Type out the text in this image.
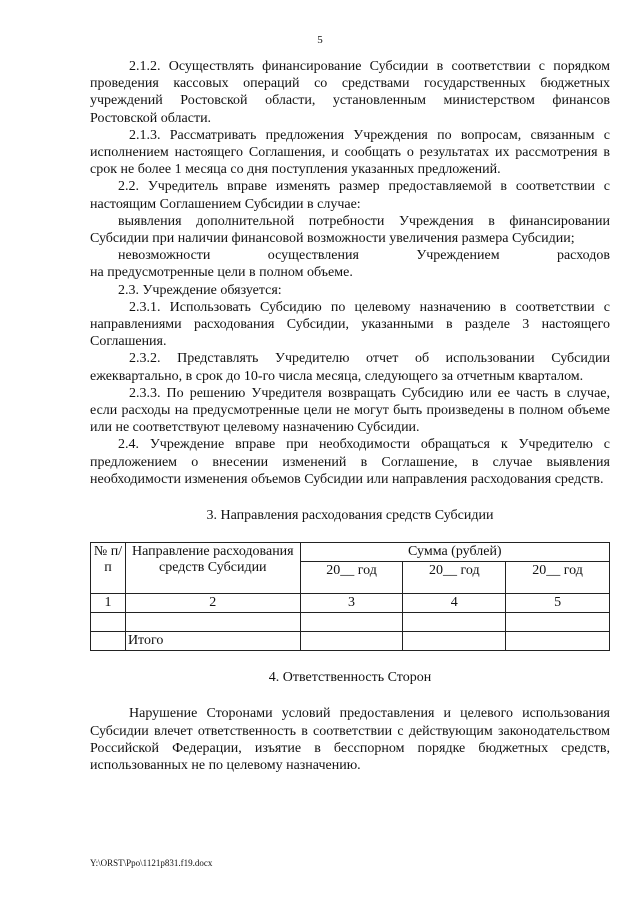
5

2.1.2. Осуществлять финансирование Субсидии в соответствии с порядком проведения кассовых операций со средствами государственных бюджетных учреждений Ростовской области, установленным министерством финансов Ростовской области.

2.1.3. Рассматривать предложения Учреждения по вопросам, связанным с исполнением настоящего Соглашения, и сообщать о результатах их рассмотрения в срок не более 1 месяца со дня поступления указанных предложений.

2.2. Учредитель вправе изменять размер предоставляемой в соответствии с настоящим Соглашением Субсидии в случае:

выявления дополнительной потребности Учреждения в финансировании Субсидии при наличии финансовой возможности увеличения размера Субсидии;

невозможности осуществления Учреждением расходов

на предусмотренные цели в полном объеме.

2.3. Учреждение обязуется:

2.3.1. Использовать Субсидию по целевому назначению в соответствии с направлениями расходования Субсидии, указанными в разделе 3 настоящего Соглашения.

2.3.2. Представлять Учредителю отчет об использовании Субсидии ежеквартально, в срок до 10-го числа месяца, следующего за отчетным кварталом.

2.3.3. По решению Учредителя возвращать Субсидию или ее часть в случае, если расходы на предусмотренные цели не могут быть произведены в полном объеме или не соответствуют целевому назначению Субсидии.

2.4. Учреждение вправе при необходимости обращаться к Учредителю с предложением о внесении изменений в Соглашение, в случае выявления необходимости изменения объемов Субсидии или направления расходования средств.

3. Направления расходования средств Субсидии

№ п/п	Направление расходования средств Субсидии	Сумма (рублей)		
		20__ год	20__ год	20__ год
1	2	3	4	5

	Итого			

4. Ответственность Сторон

Нарушение Сторонами условий предоставления и целевого использования Субсидии влечет ответственность в соответствии с действующим законодательством Российской Федерации, изъятие в бесспорном порядке бюджетных средств, использованных не по целевому назначению.

Y:\ORST\Ppo\1121p831.f19.docx
